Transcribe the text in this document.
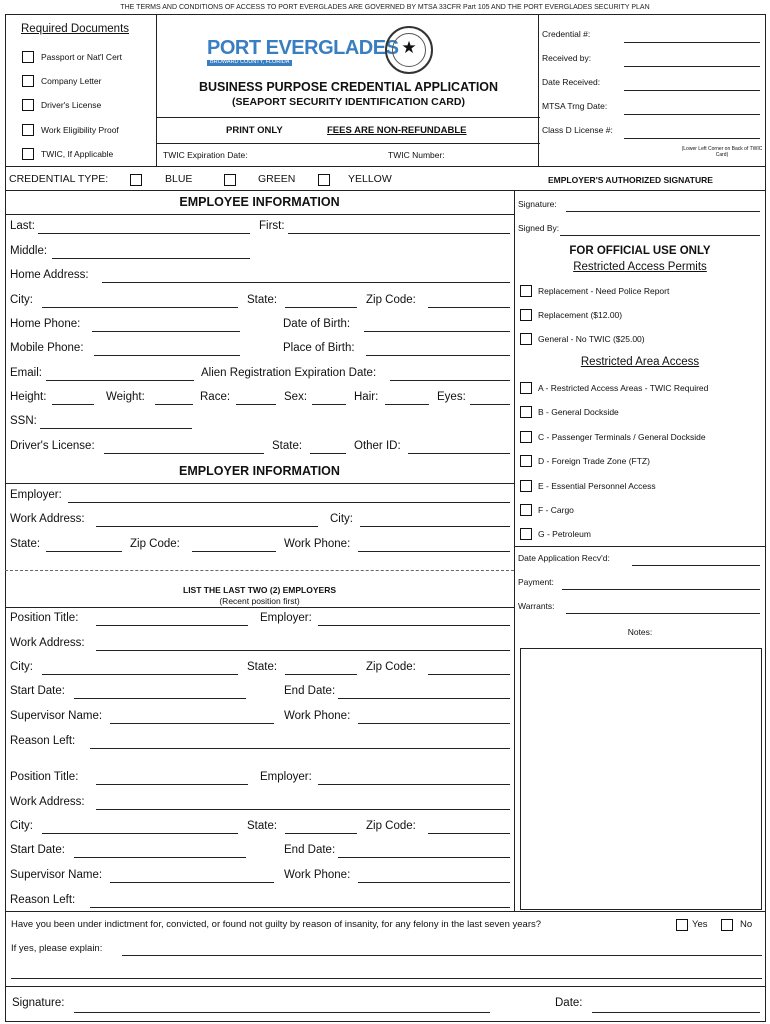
THE TERMS AND CONDITIONS OF ACCESS TO PORT EVERGLADES ARE GOVERNED BY MTSA 33CFR Part 105 AND THE PORT EVERGLADES SECURITY PLAN
Required Documents
Passport or Nat'l Cert
Company Letter
Driver's License
Work Eligibility Proof
TWIC, If Applicable
PORT EVERGLADES
BROWARD COUNTY, FLORIDA
★
BUSINESS PURPOSE CREDENTIAL APPLICATION
(SEAPORT SECURITY IDENTIFICATION CARD)
PRINT ONLY	FEES ARE NON-REFUNDABLE
TWIC Expiration Date:	TWIC Number:
Credential #:
Received by:
Date Received:
MTSA Trng Date:
Class D License #:
(Lower Left Corner on Back of TWIC Card)
CREDENTIAL TYPE:	BLUE	GREEN	YELLOW	EMPLOYER'S AUTHORIZED SIGNATURE
EMPLOYEE INFORMATION
Last:	First:
Middle:
Home Address:
City:	State:	Zip Code:
Home Phone:	Date of Birth:
Mobile Phone:	Place of Birth:
Email:	Alien Registration Expiration Date:
Height:	Weight:	Race:	Sex:	Hair:	Eyes:
SSN:
Driver's License:	State:	Other ID:
EMPLOYER INFORMATION
Employer:
Work Address:	City:
State:	Zip Code:	Work Phone:
LIST THE LAST TWO (2) EMPLOYERS
(Recent position first)
Position Title:	Employer:
Work Address:
City:	State:	Zip Code:
Start Date:	End Date:
Supervisor Name:	Work Phone:
Reason Left:
Position Title:	Employer:
Work Address:
City:	State:	Zip Code:
Start Date:	End Date:
Supervisor Name:	Work Phone:
Reason Left:
Signature:
Signed By:
FOR OFFICIAL USE ONLY
Restricted Access Permits
Replacement - Need Police Report
Replacement ($12.00)
General - No TWIC ($25.00)
Restricted Area Access
A - Restricted Access Areas - TWIC Required
B - General Dockside
C - Passenger Terminals / General Dockside
D - Foreign Trade Zone (FTZ)
E - Essential Personnel Access
F - Cargo
G - Petroleum
Date Application Recv'd:
Payment:
Warrants:
Notes:
Have you been under indictment for, convicted, or found not guilty by reason of insanity, for any felony in the last seven years?	Yes	No
If yes, please explain:
Signature:	Date:
